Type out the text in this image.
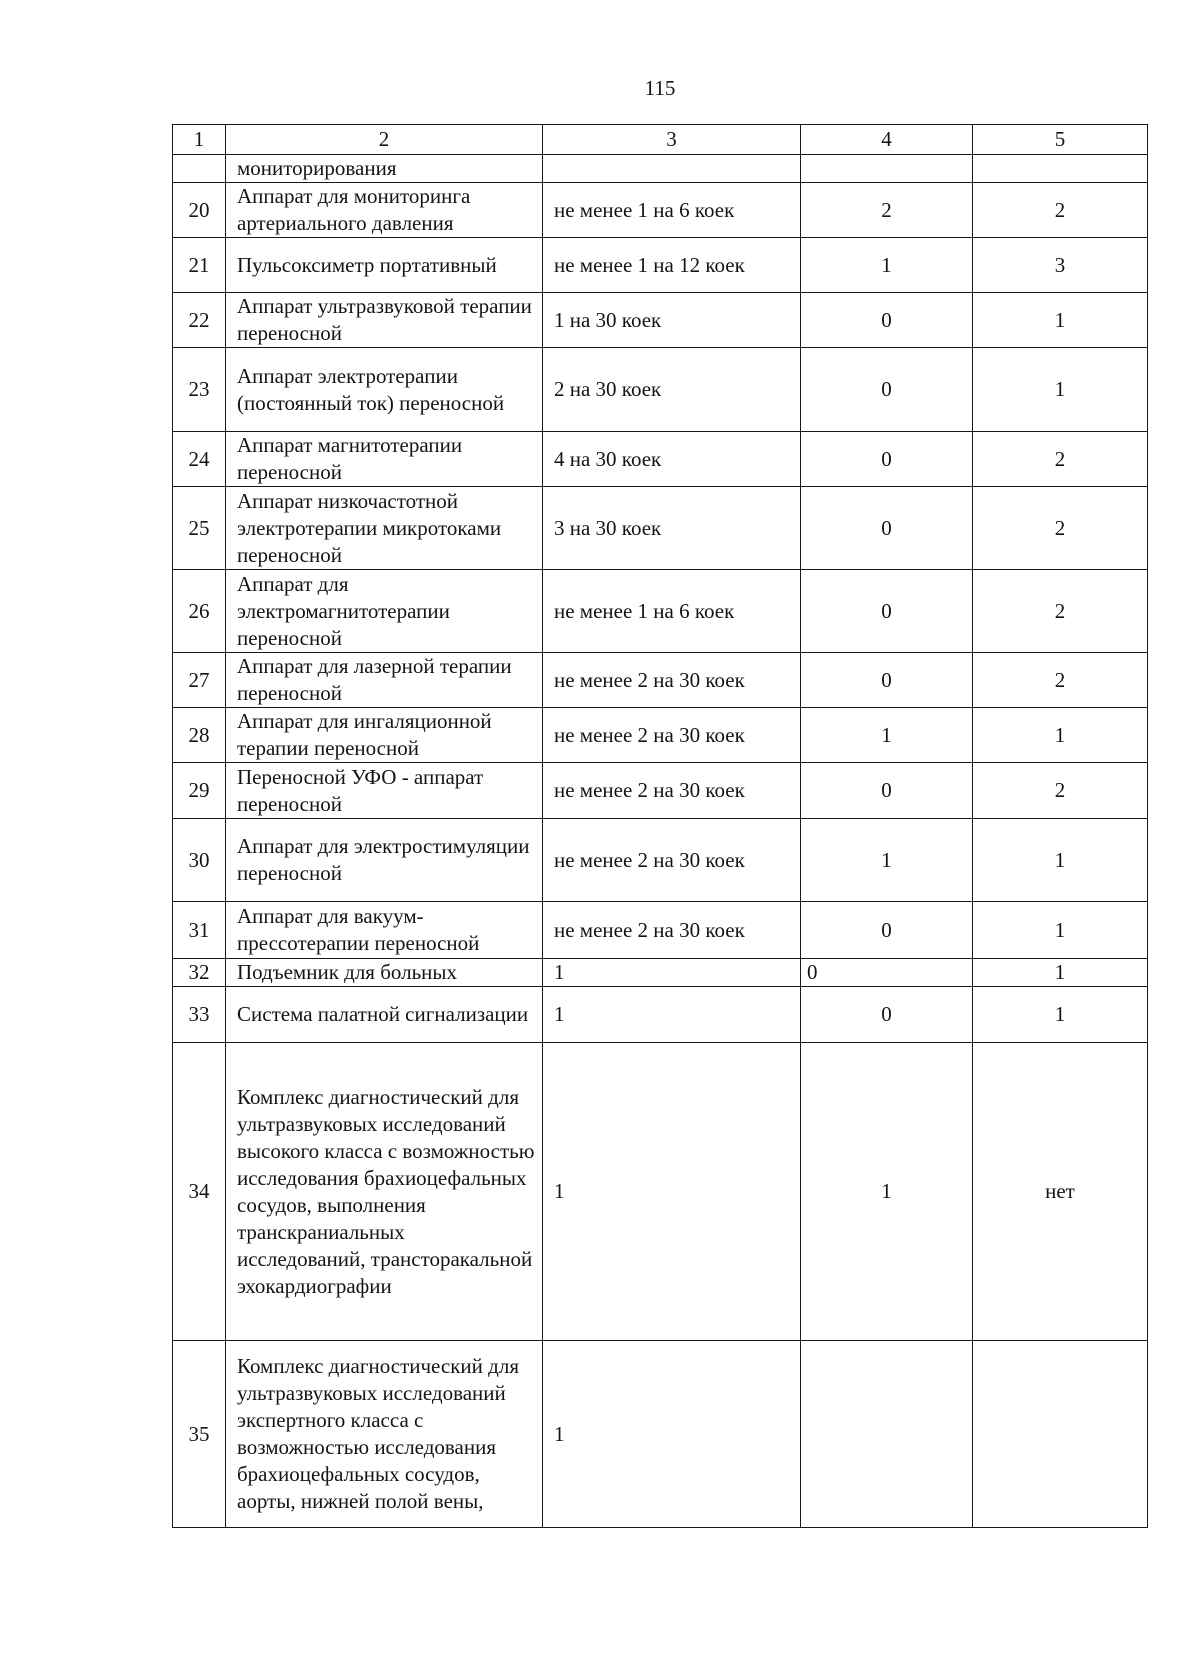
115
1	2	3	4	5
	мониторирования			
20	Аппарат для мониторинга артериального давления	не менее 1 на 6 коек	2	2
21	Пульсоксиметр портативный	не менее 1 на 12 коек	1	3
22	Аппарат ультразвуковой терапии переносной	1 на 30 коек	0	1
23	Аппарат электротерапии (постоянный ток) переносной	2 на 30 коек	0	1
24	Аппарат магнитотерапии переносной	4 на 30 коек	0	2
25	Аппарат низкочастотной электротерапии микротоками переносной	3 на 30 коек	0	2
26	Аппарат для электромагнитотерапии переносной	не менее 1 на 6 коек	0	2
27	Аппарат для лазерной терапии переносной	не менее 2 на 30 коек	0	2
28	Аппарат для ингаляционной терапии переносной	не менее 2 на 30 коек	1	1
29	Переносной УФО - аппарат переносной	не менее 2 на 30 коек	0	2
30	Аппарат для электростимуляции переносной	не менее 2 на 30 коек	1	1
31	Аппарат для вакуум-прессотерапии переносной	не менее 2 на 30 коек	0	1
32	Подъемник для больных	1	0	1
33	Система палатной сигнализации	1	0	1
34	Комплекс диагностический для ультразвуковых исследований высокого класса с возможностью исследования брахиоцефальных сосудов, выполнения транскраниальных исследований, трансторакальной эхокардиографии	1	1	нет
35	Комплекс диагностический для ультразвуковых исследований экспертного класса с возможностью исследования брахиоцефальных сосудов, аорты, нижней полой вены,	1		
